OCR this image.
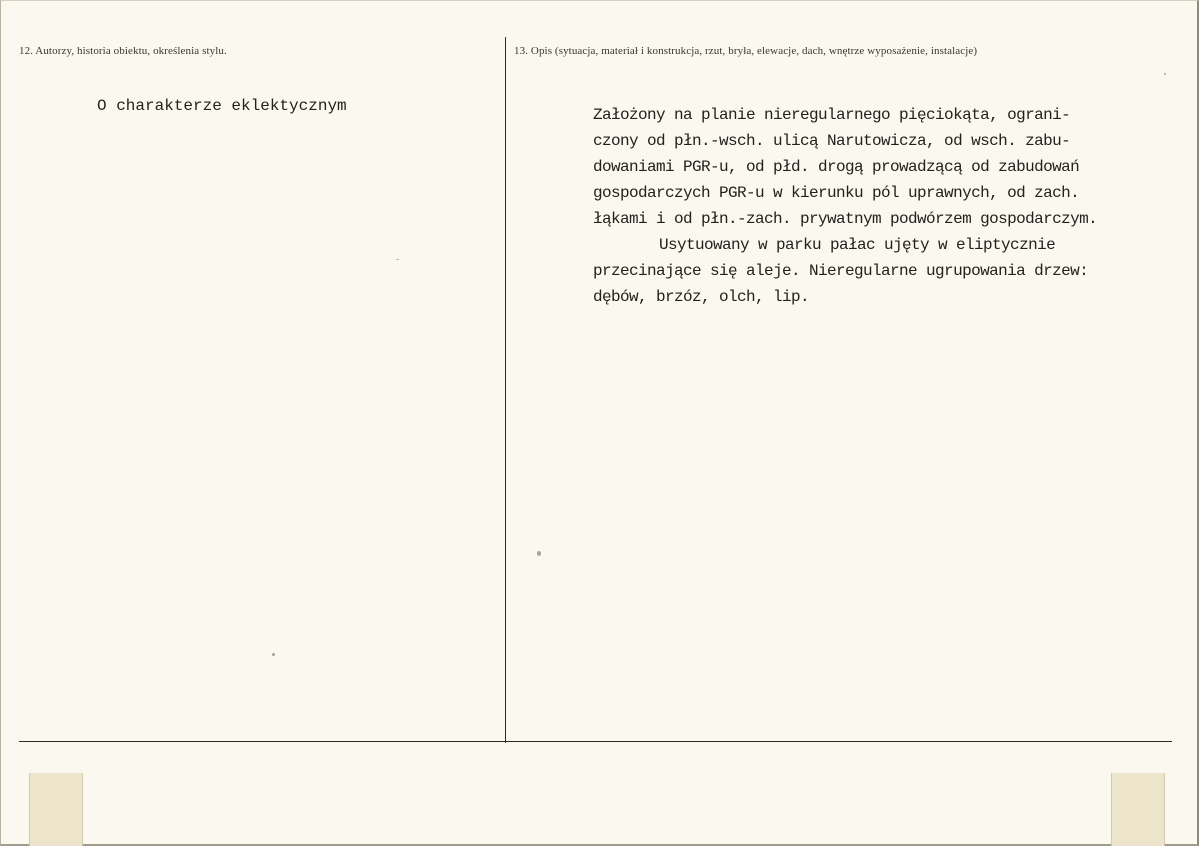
12. Autorzy, historia obiektu, określenia stylu.	13. Opis (sytuacja, materiał i konstrukcja, rzut, bryła, elewacje, dach, wnętrze wyposażenie, instalacje)
O charakterze eklektycznym	Założony na planie nieregularnego pięciokąta, ograni-
czony od płn.-wsch. ulicą Narutowicza, od wsch. zabu-
dowaniami PGR-u, od płd. drogą prowadzącą od zabudowań
gospodarczych PGR-u w kierunku pól uprawnych, od zach.
łąkami i od płn.-zach. prywatnym podwórzem gospodarczym.
Usytuowany w parku pałac ujęty w eliptycznie
przecinające się aleje. Nieregularne ugrupowania drzew:
dębów, brzóz, olch, lip.
